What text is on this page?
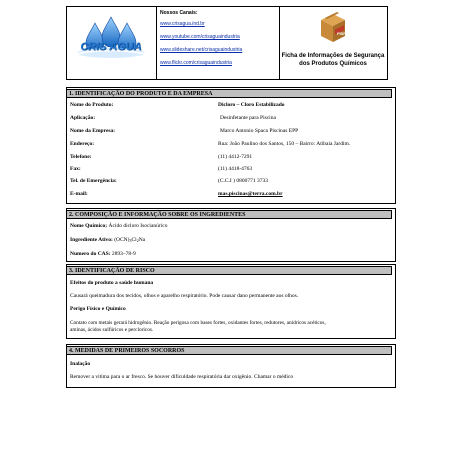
CRIS AGUA
Nossos Canais:
www.crisagua.ind.br
www.youtube.com/crisaguaindustria
www.slideshare.net/crisaguaindustria
www.flickr.com/crisaguaindustria
FISPQ
Ficha de Informações de Segurança
dos Produtos Químicos
1. IDENTIFICAÇÃO DO PRODUTO E DA EMPRESA
Nome do Produto:	Dicloro – Cloro Estabilizado
Aplicação:	Desinfetante para Piscina
Nome da Empresa:	Marco Antonio Spaca Piscinas EPP
Endereço:	Rua: João Paulino dos Santos, 150 – Bairro: Atibaia Jardim.
Telefone:	(11) 4412-7291
Fax:	(11) 4418-4763
Tel. de Emergência:	(C.C.I ) 0800771 3733
E-mail:	mas.piscinas@terra.com.br
2. COMPOSIÇÃO E INFORMAÇÃO SOBRE OS INGREDIENTES
Nome Químico; Ácido dicloro Isocianúrico
Ingrediente Ativo: $(OCN)_3Cl_2Na$
Numero do CAS: 2893–78-9
3. IDENTIFICAÇÃO DE RISCO
Efeitos do produto a saúde humana
Causará queimadura dos tecidos, olhos e aparelho respiratório. Pode causar dano permanente aos olhos.
Perigo Físico e Químico
Contato com metais gerará hidrogênio. Reação perigosa com bases fortes, oxidantes fortes, redutores, anidricos acéticos,
aminas, ácidos sulfúricos e percloricos.
4. MEDIDAS DE PRIMEIROS SOCORROS
Inalação
Remover a vitima para o ar fresco. Se houver dificuldade respiratória dar oxigênio. Chamar o médico
